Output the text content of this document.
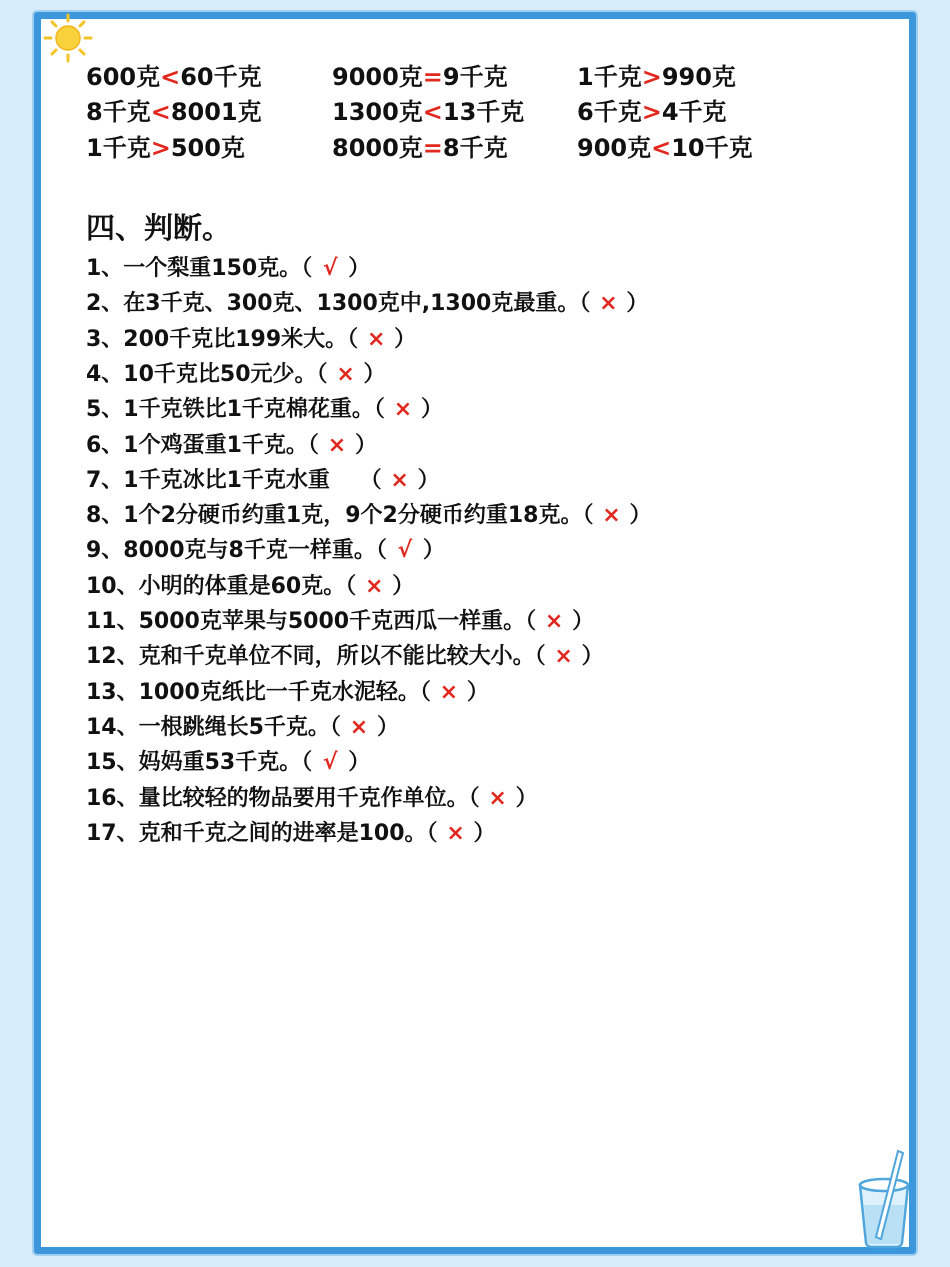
600克<60千克	9000克=9千克	1千克>990克
8千克<8001克	1300克<13千克 6千克>4千克
1千克>500克	8000克=8千克	900克<10千克
四、判断。
1、一个梨重150克。（ √ ）
2、在3千克、300克、1300克中,1300克最重。（ × ）
3、200千克比199米大。（ × ）
4、10千克比50元少。（ × ）
5、1千克铁比1千克棉花重。（ × ）
6、1个鸡蛋重1千克。（ × ）
7、1千克冰比1千克水重　 （ × ）
8、1个2分硬币约重1克，9个2分硬币约重18克。（ × ）
9、8000克与8千克一样重。（ √ ）
10、小明的体重是60克。（ × ）
11、5000克苹果与5000千克西瓜一样重。（ × ）
12、克和千克单位不同，所以不能比较大小。（ × ）
13、1000克纸比一千克水泥轻。（ × ）
14、一根跳绳长5千克。（ × ）
15、妈妈重53千克。（ √ ）
16、量比较轻的物品要用千克作单位。（ × ）
17、克和千克之间的进率是100。（ × ）
